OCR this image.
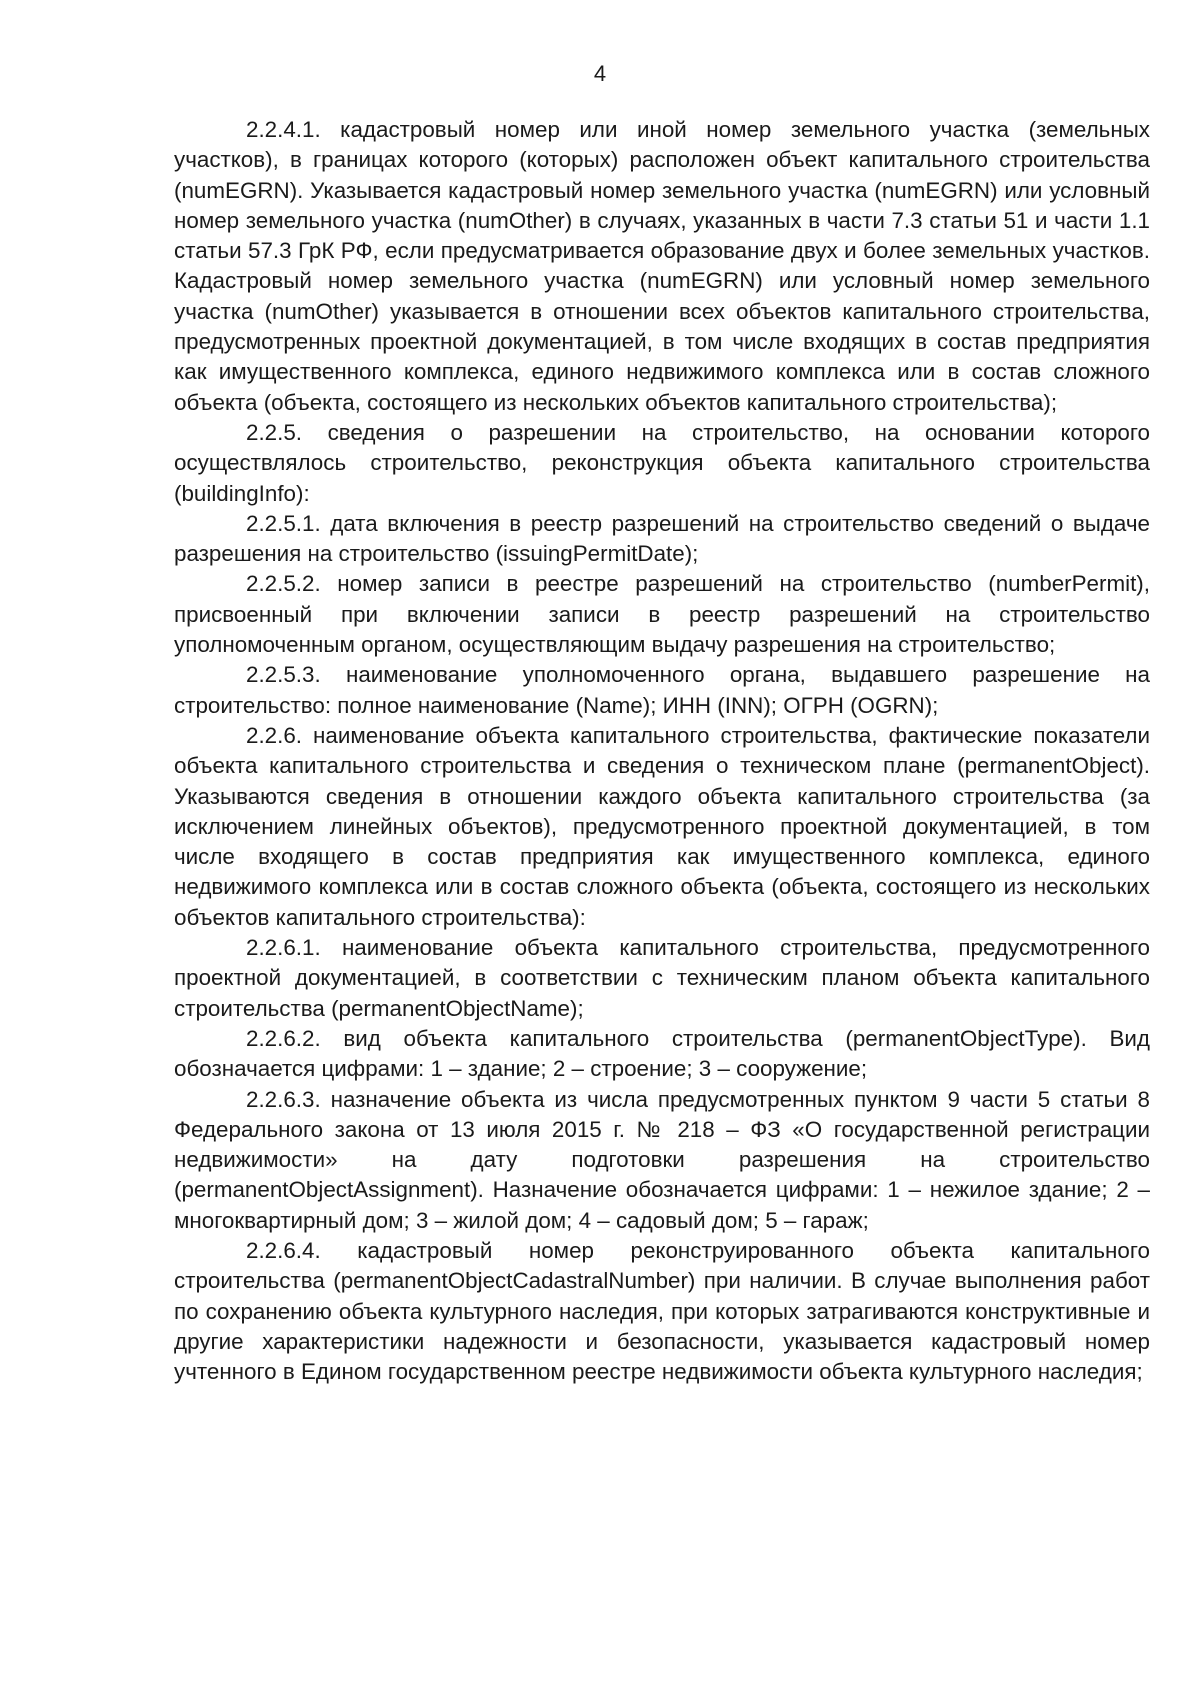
4

2.2.4.1. кадастровый номер или иной номер земельного участка (земельных участков), в границах которого (которых) расположен объект капитального строительства (numEGRN). Указывается кадастровый номер земельного участка (numEGRN) или условный номер земельного участка (numOther) в случаях, указанных в части 7.3 статьи 51 и части 1.1 статьи 57.3 ГрК РФ, если предусматривается образование двух и более земельных участков. Кадастровый номер земельного участка (numEGRN) или условный номер земельного участка (numOther) указывается в отношении всех объектов капитального строительства, предусмотренных проектной документацией, в том числе входящих в состав предприятия как имущественного комплекса, единого недвижимого комплекса или в состав сложного объекта (объекта, состоящего из нескольких объектов капитального строительства);

2.2.5. сведения о разрешении на строительство, на основании которого осуществлялось строительство, реконструкция объекта капитального строительства (buildingInfo):

2.2.5.1. дата включения в реестр разрешений на строительство сведений о выдаче разрешения на строительство (issuingPermitDate);

2.2.5.2. номер записи в реестре разрешений на строительство (numberPermit), присвоенный при включении записи в реестр разрешений на строительство уполномоченным органом, осуществляющим выдачу разрешения на строительство;

2.2.5.3. наименование уполномоченного органа, выдавшего разрешение на строительство: полное наименование (Name); ИНН (INN); ОГРН (OGRN);

2.2.6. наименование объекта капитального строительства, фактические показатели объекта капитального строительства и сведения о техническом плане (permanentObject). Указываются сведения в отношении каждого объекта капитального строительства (за исключением линейных объектов), предусмотренного проектной документацией, в том числе входящего в состав предприятия как имущественного комплекса, единого недвижимого комплекса или в состав сложного объекта (объекта, состоящего из нескольких объектов капитального строительства):

2.2.6.1. наименование объекта капитального строительства, предусмотренного проектной документацией, в соответствии с техническим планом объекта капитального строительства (permanentObjectName);

2.2.6.2. вид объекта капитального строительства (permanentObjectType). Вид обозначается цифрами: 1 – здание; 2 – строение; 3 – сооружение;

2.2.6.3. назначение объекта из числа предусмотренных пунктом 9 части 5 статьи 8 Федерального закона от 13 июля 2015 г. № 218 – ФЗ «О государственной регистрации недвижимости» на дату подготовки разрешения на строительство (permanentObjectAssignment). Назначение обозначается цифрами: 1 – нежилое здание; 2 – многоквартирный дом; 3 – жилой дом; 4 – садовый дом; 5 – гараж;

2.2.6.4. кадастровый номер реконструированного объекта капитального строительства (permanentObjectCadastralNumber) при наличии. В случае выполнения работ по сохранению объекта культурного наследия, при которых затрагиваются конструктивные и другие характеристики надежности и безопасности, указывается кадастровый номер учтенного в Едином государственном реестре недвижимости объекта культурного наследия;
